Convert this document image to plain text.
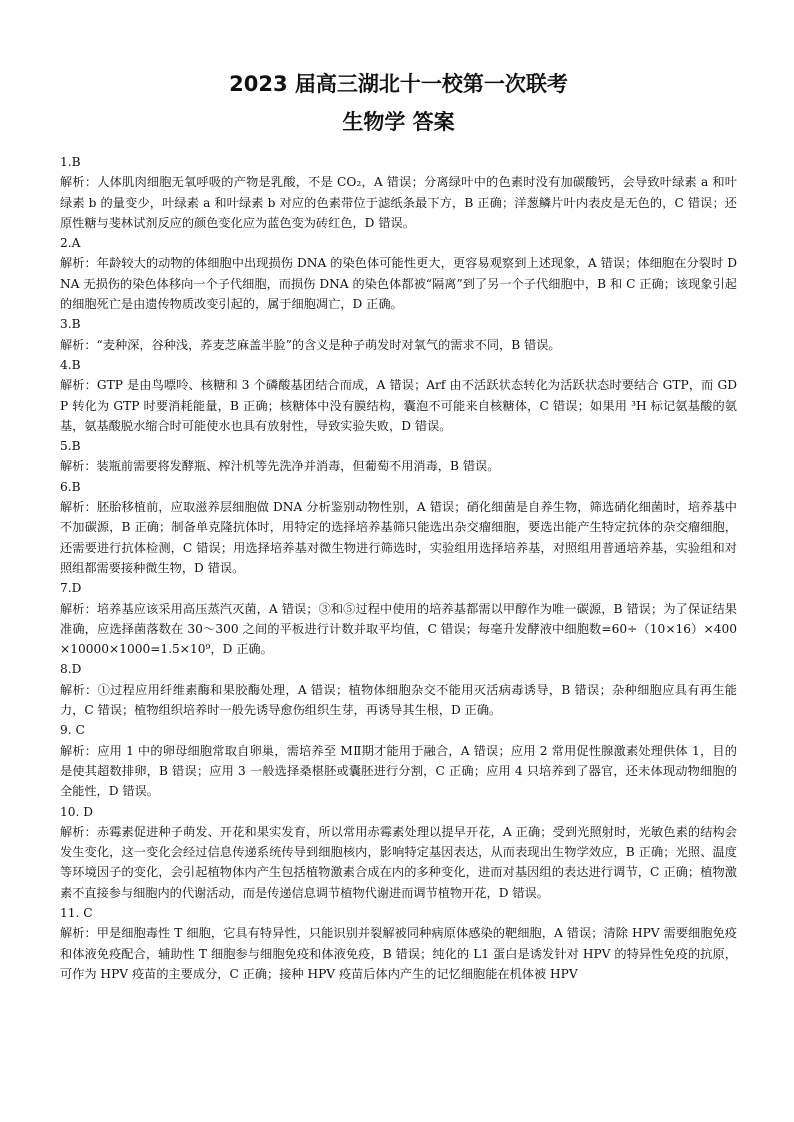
2023 届高三湖北十一校第一次联考
生物学 答案
1.B

解析：人体肌肉细胞无氧呼吸的产物是乳酸，不是 CO₂，A 错误；分离绿叶中的色素时没有加碳酸钙，会导致叶绿素 a 和叶绿素 b 的量变少，叶绿素 a 和叶绿素 b 对应的色素带位于滤纸条最下方，B 正确；洋葱鳞片叶内表皮是无色的，C 错误；还原性糖与斐林试剂反应的颜色变化应为蓝色变为砖红色，D 错误。

2.A

解析：年龄较大的动物的体细胞中出现损伤 DNA 的染色体可能性更大，更容易观察到上述现象，A 错误；体细胞在分裂时 DNA 无损伤的染色体移向一个子代细胞，而损伤 DNA 的染色体都被“隔离”到了另一个子代细胞中，B 和 C 正确；该现象引起的细胞死亡是由遗传物质改变引起的，属于细胞凋亡，D 正确。

3.B

解析：“麦种深，谷种浅，荞麦芝麻盖半脸”的含义是种子萌发时对氧气的需求不同，B 错误。

4.B

解析：GTP 是由鸟嘌呤、核糖和 3 个磷酸基团结合而成，A 错误；Arf 由不活跃状态转化为活跃状态时要结合 GTP，而 GDP 转化为 GTP 时要消耗能量，B 正确；核糖体中没有膜结构，囊泡不可能来自核糖体，C 错误；如果用 ³H 标记氨基酸的氨基，氨基酸脱水缩合时可能使水也具有放射性，导致实验失败，D 错误。

5.B

解析：装瓶前需要将发酵瓶、榨汁机等先洗净并消毒，但葡萄不用消毒，B 错误。

6.B

解析：胚胎移植前，应取滋养层细胞做 DNA 分析鉴别动物性别，A 错误；硝化细菌是自养生物，筛选硝化细菌时，培养基中不加碳源，B 正确；制备单克隆抗体时，用特定的选择培养基筛只能选出杂交瘤细胞，要选出能产生特定抗体的杂交瘤细胞，还需要进行抗体检测，C 错误；用选择培养基对微生物进行筛选时，实验组用选择培养基，对照组用普通培养基，实验组和对照组都需要接种微生物，D 错误。

7.D

解析：培养基应该采用高压蒸汽灭菌，A 错误；③和⑤过程中使用的培养基都需以甲醇作为唯一碳源，B 错误；为了保证结果准确，应选择菌落数在 30～300 之间的平板进行计数并取平均值，C 错误；每毫升发酵液中细胞数=60÷（10×16）×400×10000×1000=1.5×10⁹，D 正确。

8.D

解析：①过程应用纤维素酶和果胶酶处理，A 错误；植物体细胞杂交不能用灭活病毒诱导，B 错误；杂种细胞应具有再生能力，C 错误；植物组织培养时一般先诱导愈伤组织生芽，再诱导其生根，D 正确。

9. C

解析：应用 1 中的卵母细胞常取自卵巢，需培养至 MⅡ期才能用于融合，A 错误；应用 2 常用促性腺激素处理供体 1，目的是使其超数排卵，B 错误；应用 3 一般选择桑椹胚或囊胚进行分割，C 正确；应用 4 只培养到了器官，还未体现动物细胞的全能性，D 错误。

10. D

解析：赤霉素促进种子萌发、开花和果实发育，所以常用赤霉素处理以提早开花，A 正确；受到光照射时，光敏色素的结构会发生变化，这一变化会经过信息传递系统传导到细胞核内，影响特定基因表达，从而表现出生物学效应，B 正确；光照、温度等环境因子的变化，会引起植物体内产生包括植物激素合成在内的多种变化，进而对基因组的表达进行调节，C 正确；植物激素不直接参与细胞内的代谢活动，而是传递信息调节植物代谢进而调节植物开花，D 错误。

11. C

解析：甲是细胞毒性 T 细胞，它具有特异性，只能识别并裂解被同种病原体感染的靶细胞，A 错误；清除 HPV 需要细胞免疫和体液免疫配合，辅助性 T 细胞参与细胞免疫和体液免疫，B 错误；纯化的 L1 蛋白是诱发针对 HPV 的特异性免疫的抗原，可作为 HPV 疫苗的主要成分，C 正确；接种 HPV 疫苗后体内产生的记忆细胞能在机体被 HPV
